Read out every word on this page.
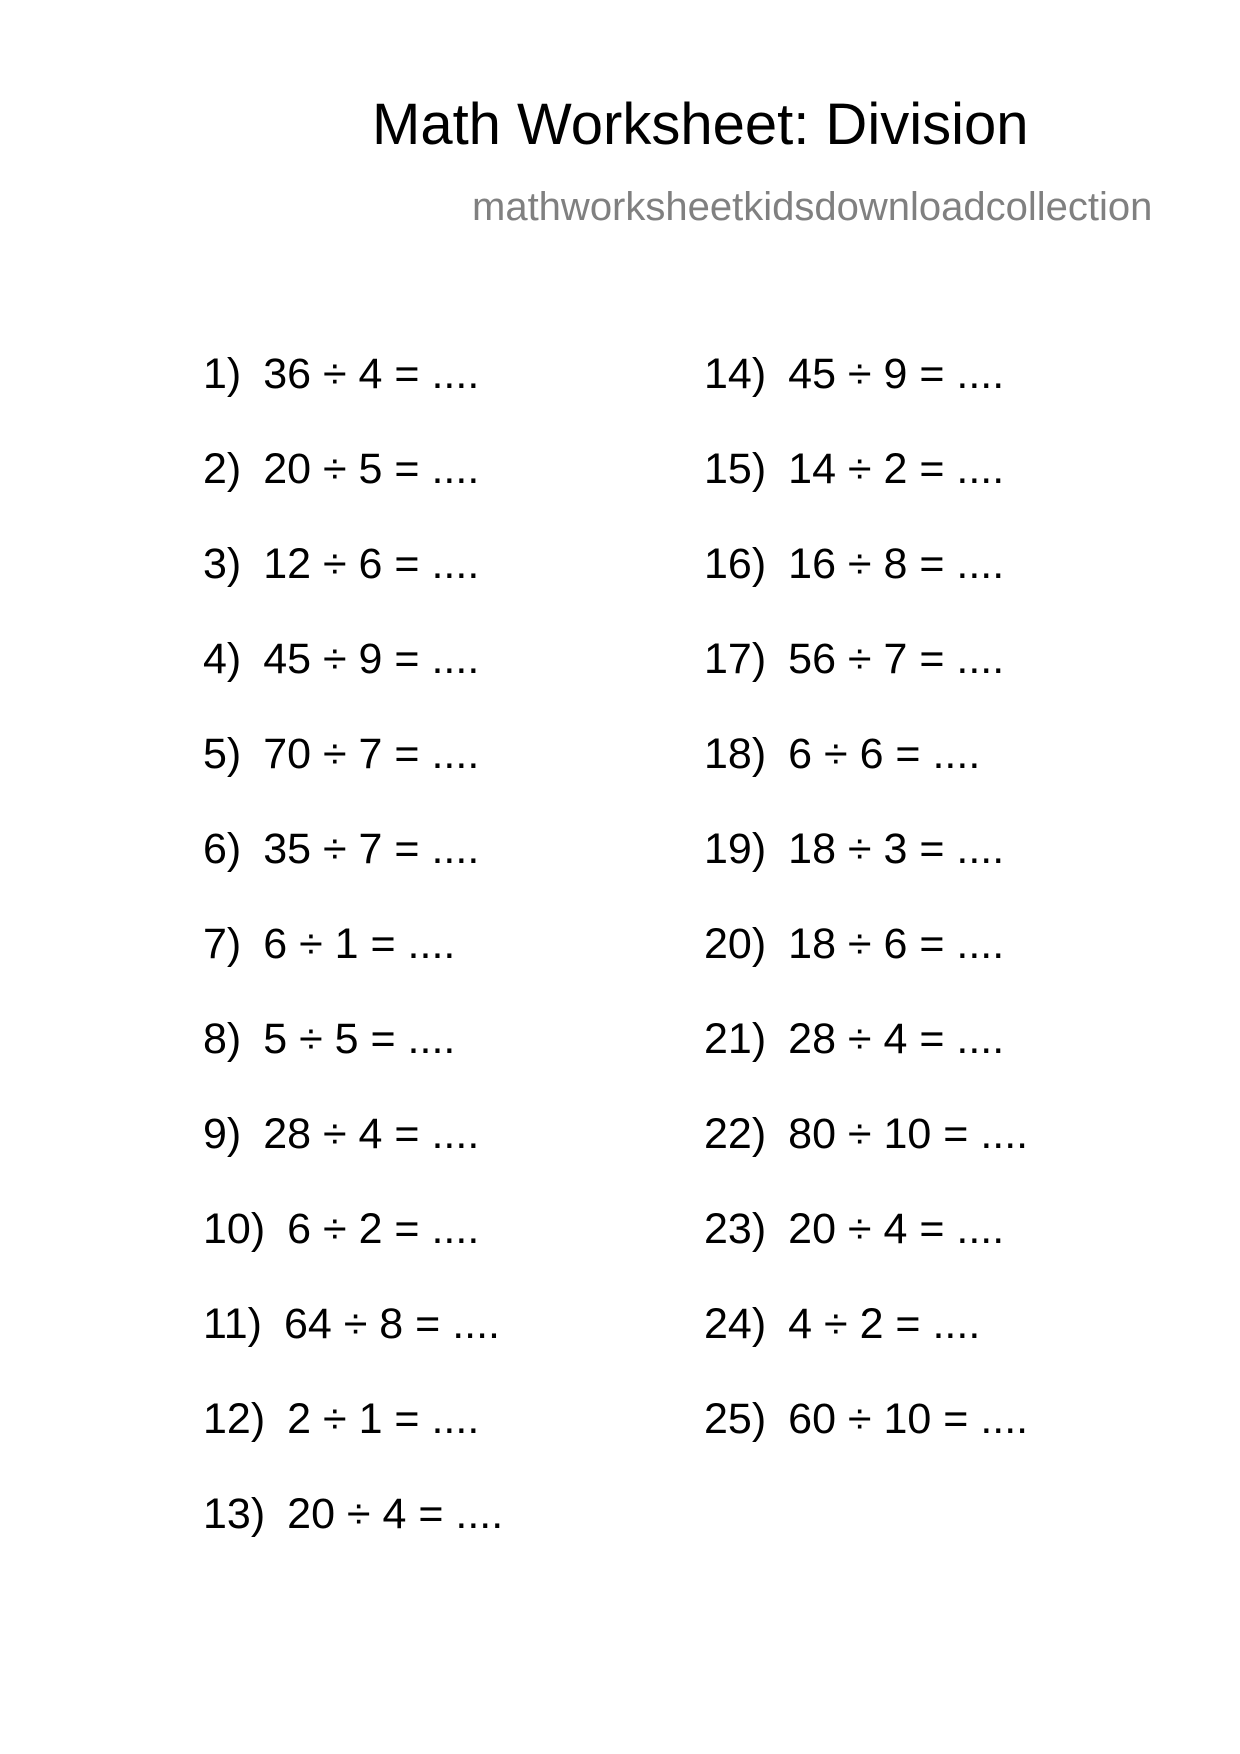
Math Worksheet: Division
mathworksheetkidsdownloadcollection
1) 36 ÷ 4 = ....
2) 20 ÷ 5 = ....
3) 12 ÷ 6 = ....
4) 45 ÷ 9 = ....
5) 70 ÷ 7 = ....
6) 35 ÷ 7 = ....
7) 6 ÷ 1 = ....
8) 5 ÷ 5 = ....
9) 28 ÷ 4 = ....
10) 6 ÷ 2 = ....
11) 64 ÷ 8 = ....
12) 2 ÷ 1 = ....
13) 20 ÷ 4 = ....
14) 45 ÷ 9 = ....
15) 14 ÷ 2 = ....
16) 16 ÷ 8 = ....
17) 56 ÷ 7 = ....
18) 6 ÷ 6 = ....
19) 18 ÷ 3 = ....
20) 18 ÷ 6 = ....
21) 28 ÷ 4 = ....
22) 80 ÷ 10 = ....
23) 20 ÷ 4 = ....
24) 4 ÷ 2 = ....
25) 60 ÷ 10 = ....
